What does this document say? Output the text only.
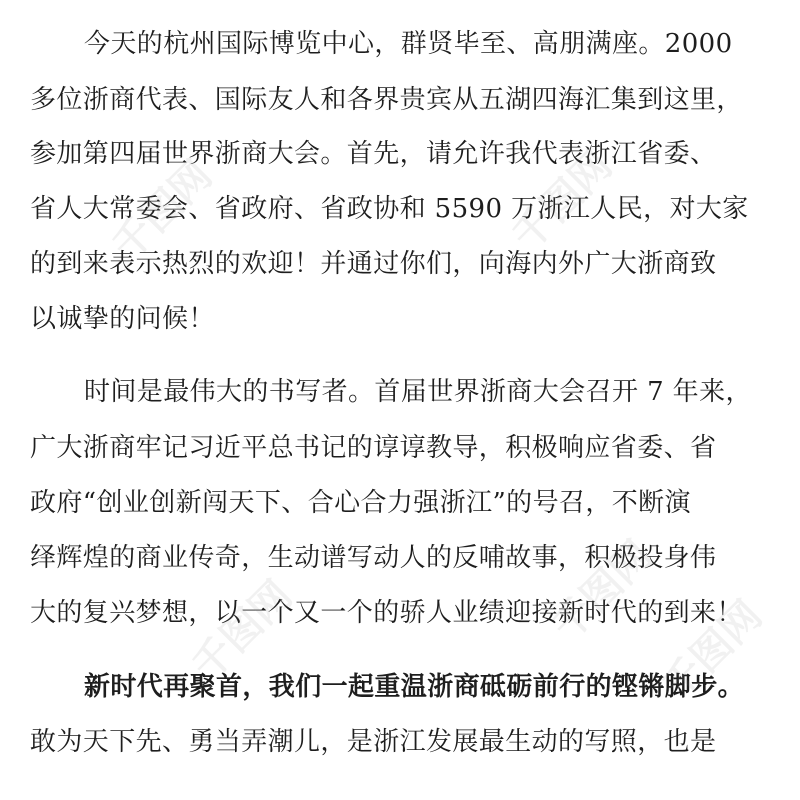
今天的杭州国际博览中心，群贤毕至、高朋满座。2000
多位浙商代表、国际友人和各界贵宾从五湖四海汇集到这里，
参加第四届世界浙商大会。首先，请允许我代表浙江省委、
省人大常委会、省政府、省政协和 5590 万浙江人民，对大家
的到来表示热烈的欢迎！并通过你们，向海内外广大浙商致
以诚挚的问候！
时间是最伟大的书写者。首届世界浙商大会召开 7 年来，
广大浙商牢记习近平总书记的谆谆教导，积极响应省委、省
政府“创业创新闯天下、合心合力强浙江”的号召，不断演
绎辉煌的商业传奇，生动谱写动人的反哺故事，积极投身伟
大的复兴梦想，以一个又一个的骄人业绩迎接新时代的到来！
新时代再聚首，我们一起重温浙商砥砺前行的铿锵脚步。
敢为天下先、勇当弄潮儿，是浙江发展最生动的写照，也是
千图网	千图网
千图网
千图网
千图网
